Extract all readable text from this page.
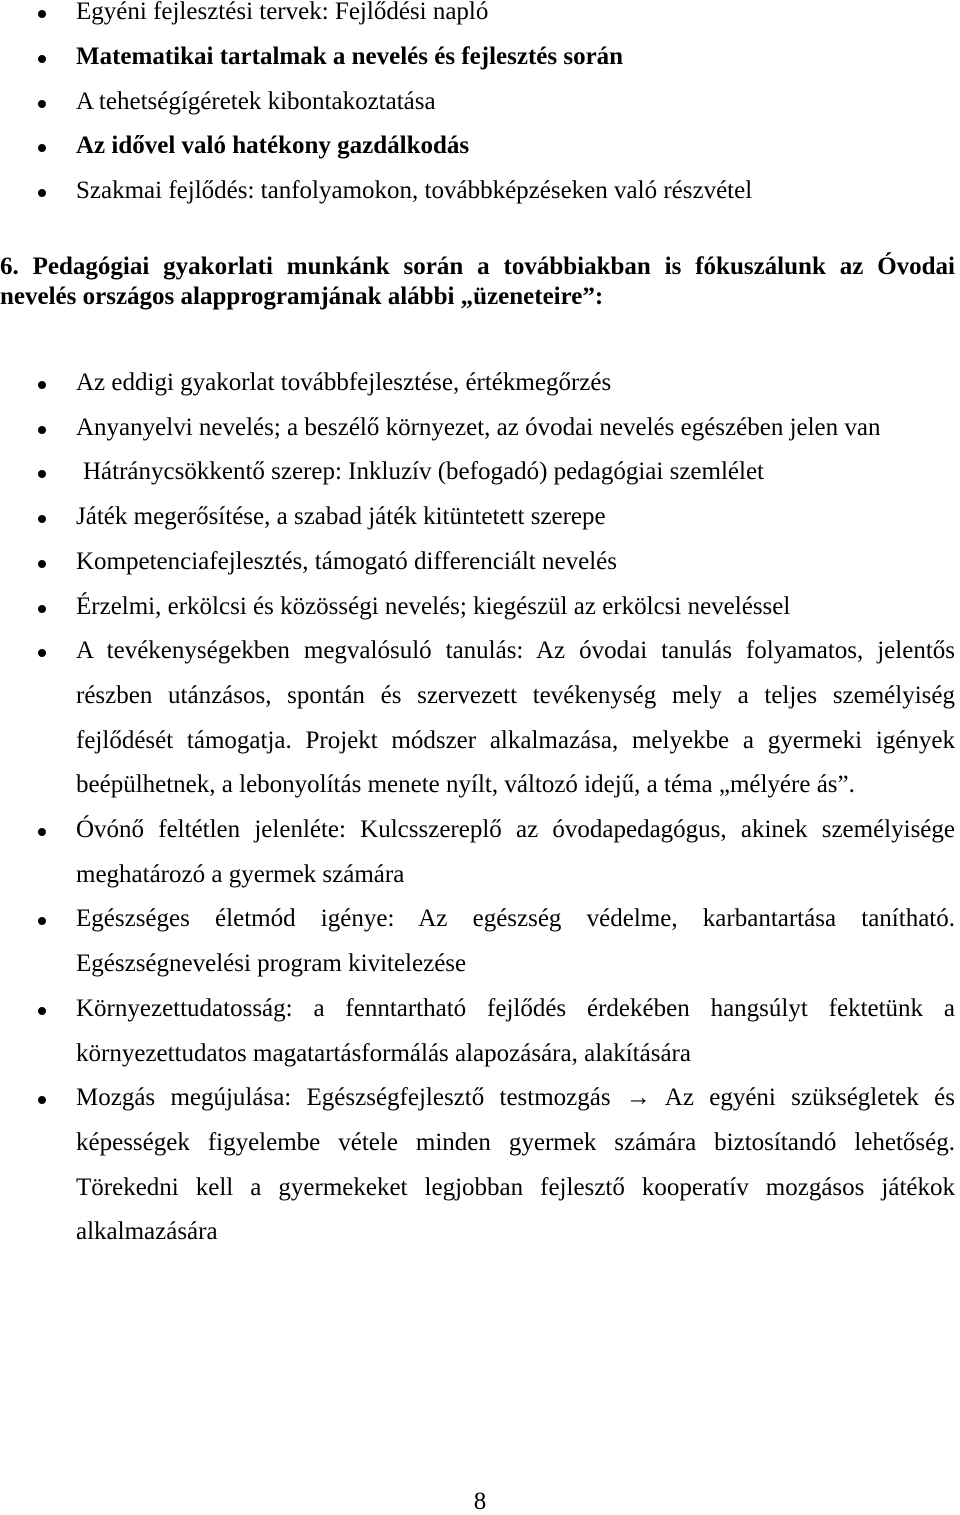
Egyéni fejlesztési tervek: Fejlődési napló
Matematikai tartalmak a nevelés és fejlesztés során
A tehetségígéretek kibontakoztatása
Az idővel való hatékony gazdálkodás
Szakmai fejlődés: tanfolyamokon, továbbképzéseken való részvétel

6. Pedagógiai gyakorlati munkánk során a továbbiakban is fókuszálunk az Óvodai nevelés országos alapprogramjának alábbi „üzeneteire”:

Az eddigi gyakorlat továbbfejlesztése, értékmegőrzés
Anyanyelvi nevelés; a beszélő környezet, az óvodai nevelés egészében jelen van
Hátránycsökkentő szerep: Inkluzív (befogadó) pedagógiai szemlélet
Játék megerősítése, a szabad játék kitüntetett szerepe
Kompetenciafejlesztés, támogató differenciált nevelés
Érzelmi, erkölcsi és közösségi nevelés; kiegészül az erkölcsi neveléssel
A tevékenységekben megvalósuló tanulás: Az óvodai tanulás folyamatos, jelentős részben utánzásos, spontán és szervezett tevékenység mely a teljes személyiség fejlődését támogatja. Projekt módszer alkalmazása, melyekbe a gyermeki igények beépülhetnek, a lebonyolítás menete nyílt, változó idejű, a téma „mélyére ás”.
Óvónő feltétlen jelenléte: Kulcsszereplő az óvodapedagógus, akinek személyisége meghatározó a gyermek számára
Egészséges életmód igénye: Az egészség védelme, karbantartása tanítható. Egészségnevelési program kivitelezése
Környezettudatosság: a fenntartható fejlődés érdekében hangsúlyt fektetünk a környezettudatos magatartásformálás alapozására, alakítására
Mozgás megújulása: Egészségfejlesztő testmozgás → Az egyéni szükségletek és képességek figyelembe vétele minden gyermek számára biztosítandó lehetőség. Törekedni kell a gyermekeket legjobban fejlesztő kooperatív mozgásos játékok alkalmazására
8
